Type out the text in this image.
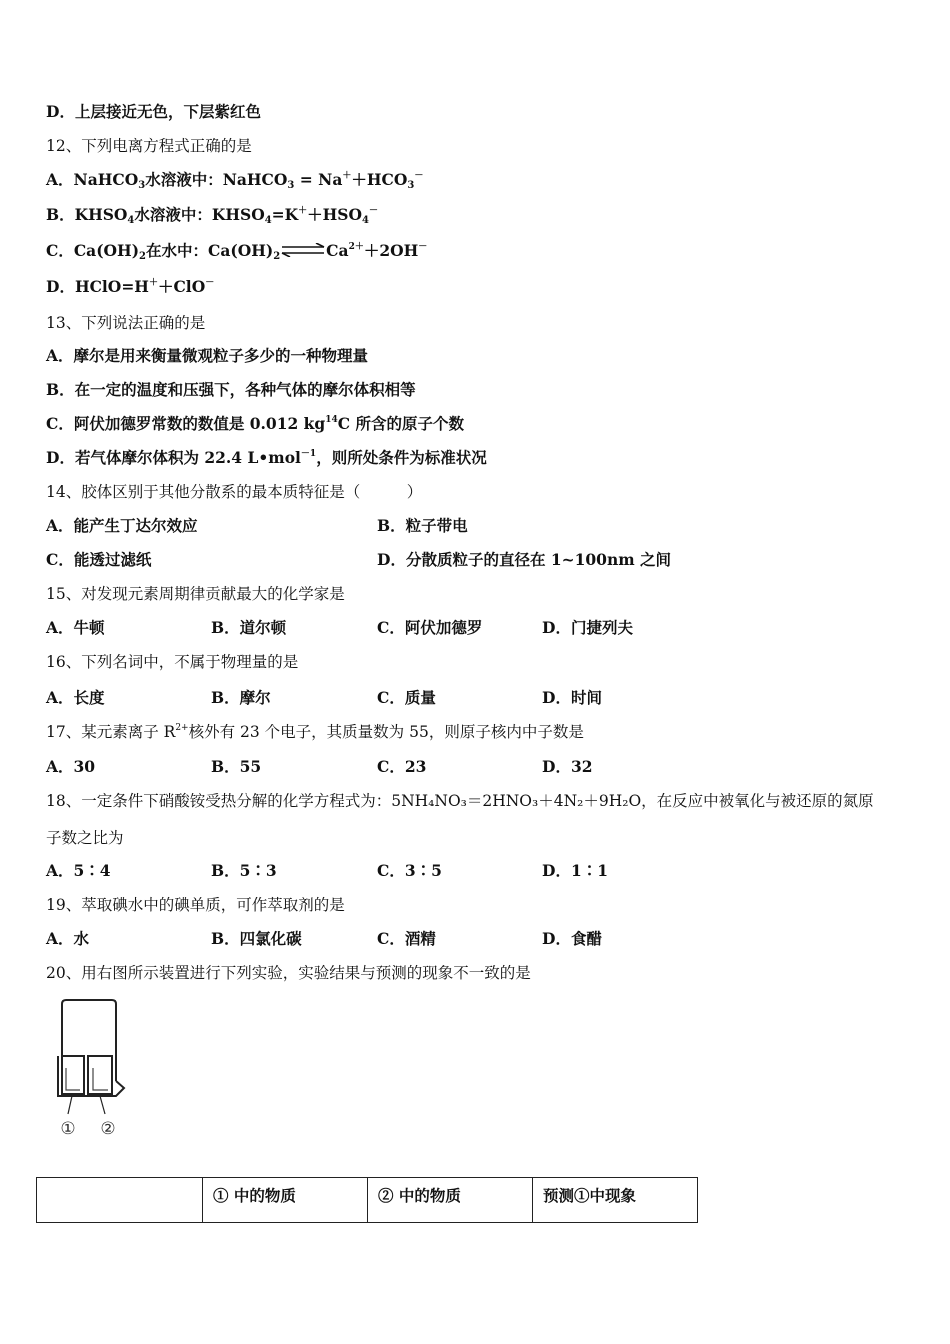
D．上层接近无色，下层紫红色
12、下列电离方程式正确的是
A．NaHCO$_3$水溶液中：NaHCO$_3$ = $Na^++HCO_3^-$
B．$KHSO_4$水溶液中：$KHSO_4=K^++HSO_4^-$
C．$Ca(OH)_2$在水中：$Ca(OH)_2\rightleftharpoons Ca^{2+}+2OH^-$
D．HClO=H＋＋ClO－
13、下列说法正确的是
A．摩尔是用来衡量微观粒子多少的一种物理量
B．在一定的温度和压强下，各种气体的摩尔体积相等
C．阿伏加德罗常数的数值是 0.012 $kg^{14}C$ 所含的原子个数
D．若气体摩尔体积为 22.4 L•mol$^{-1}$，则所处条件为标准状况
14、胶体区别于其他分散系的最本质特征是（　　　）
A．能产生丁达尔效应	B．粒子带电
C．能透过滤纸	D．分散质粒子的直径在 1~100nm 之间
15、对发现元素周期律贡献最大的化学家是
A．牛顿	B．道尔顿	C．阿伏加德罗	D．门捷列夫
16、下列名词中，不属于物理量的是
A．长度	B．摩尔	C．质量	D．时间
17、某元素离子 $R^{2+}$核外有 23 个电子，其质量数为 55，则原子核内中子数是
A．30	B．55	C．23	D．32
18、一定条件下硝酸铵受热分解的化学方程式为：5NH₄NO₃＝2HNO₃＋4N₂＋9H₂O，在反应中被氧化与被还原的氮原
子数之比为
A．5∶4	B．5∶3	C．3∶5	D．1∶1
19、萃取碘水中的碘单质，可作萃取剂的是
A．水	B．四氯化碳	C．酒精	D．食醋
20、用右图所示装置进行下列实验，实验结果与预测的现象不一致的是
① ②
	① 中的物质	② 中的物质	预测①中现象
